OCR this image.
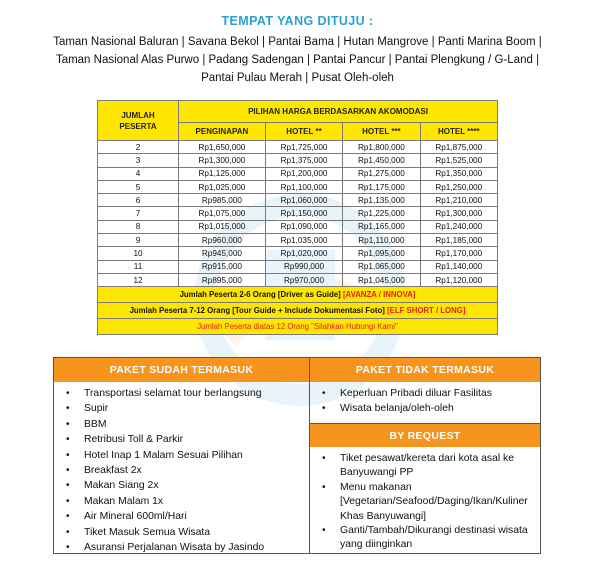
TEMPAT YANG DITUJU :
Taman Nasional Baluran | Savana Bekol | Pantai Bama | Hutan Mangrove | Panti Marina Boom |
Taman Nasional Alas Purwo | Padang Sadengan | Pantai Pancur | Pantai Plengkung / G-Land |
Pantai Pulau Merah | Pusat Oleh-oleh
JUMLAH
PESERTA	PILIHAN HARGA BERDASARKAN AKOMODASI			
	PENGINAPAN	HOTEL **	HOTEL ***	HOTEL ****
2	Rp1,650,000	Rp1,725,000	Rp1,800,000	Rp1,875,000
3	Rp1,300,000	Rp1,375,000	Rp1,450,000	Rp1,525,000
4	Rp1,125,000	Rp1,200,000	Rp1,275,000	Rp1,350,000
5	Rp1,025,000	Rp1,100,000	Rp1,175,000	Rp1,250,000
6	Rp985,000	Rp1,060,000	Rp1,135,000	Rp1,210,000
7	Rp1,075,000	Rp1,150,000	Rp1,225,000	Rp1,300,000
8	Rp1,015,000	Rp1,090,000	Rp1,165,000	Rp1,240,000
9	Rp960,000	Rp1,035,000	Rp1,110,000	Rp1,185,000
10	Rp945,000	Rp1,020,000	Rp1,095,000	Rp1,170,000
11	Rp915,000	Rp990,000	Rp1,065,000	Rp1,140,000
12	Rp895,000	Rp970,000	Rp1,045,000	Rp1,120,000
Jumlah Peserta 2-6 Orang [Driver as Guide] [AVANZA / INNOVA]				
Jumlah Peserta 7-12 Orang [Tour Guide + Include Dokumentasi Foto] [ELF SHORT / LONG]				
Jumlah Peserta diatas 12 Orang "Silahkan Hubungi Kami"				
PAKET SUDAH TERMASUK
• Transportasi selamat tour berlangsung
• Supir
• BBM
• Retribusi Toll & Parkir
• Hotel Inap 1 Malam Sesuai Pilihan
• Breakfast 2x
• Makan Siang 2x
• Makan Malam 1x
• Air Mineral 600ml/Hari
• Tiket Masuk Semua Wisata
• Asuransi Perjalanan Wisata by Jasindo
PAKET TIDAK TERMASUK
• Keperluan Pribadi diluar Fasilitas
• Wisata belanja/oleh-oleh
BY REQUEST
• Tiket pesawat/kereta dari kota asal ke Banyuwangi PP
• Menu makanan [Vegetarian/Seafood/Daging/Ikan/Kuliner Khas Banyuwangi]
• Ganti/Tambah/Dikurangi destinasi wisata yang diinginkan
